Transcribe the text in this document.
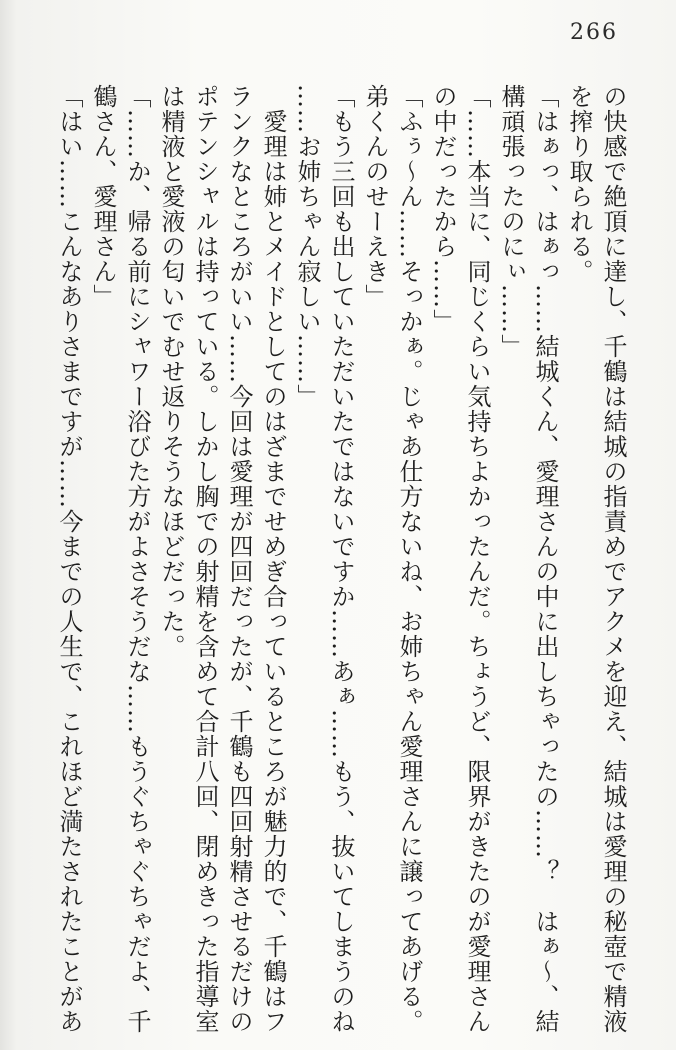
266
の快感で絶頂に達し、千鶴は結城の指責めでアクメを迎え、結城は愛理の秘壺で精液
を搾り取られる。
「はぁっ、はぁっ……結城くん、愛理さんの中に出しちゃったの……？　はぁ〜、結
構頑張ったのにぃ……」
「……本当に、同じくらい気持ちよかったんだ。ちょうど、限界がきたのが愛理さん
の中だったから……」
「ふぅ〜ん……そっかぁ。じゃあ仕方ないね、お姉ちゃん愛理さんに譲ってあげる。
弟くんのせーえき」
「もう三回も出していただいたではないですか……あぁ……もう、抜いてしまうのね
……お姉ちゃん寂しい……」
　愛理は姉とメイドとしてのはざまでせめぎ合っているところが魅力的で、千鶴はフ
ランクなところがいい……今回は愛理が四回だったが、千鶴も四回射精させるだけの
ポテンシャルは持っている。しかし胸での射精を含めて合計八回、閉めきった指導室
は精液と愛液の匂いでむせ返りそうなほどだった。
「……か、帰る前にシャワー浴びた方がよさそうだな……もうぐちゃぐちゃだよ、千
鶴さん、愛理さん」
「はい……こんなありさまですが……今までの人生で、これほど満たされたことがあ
